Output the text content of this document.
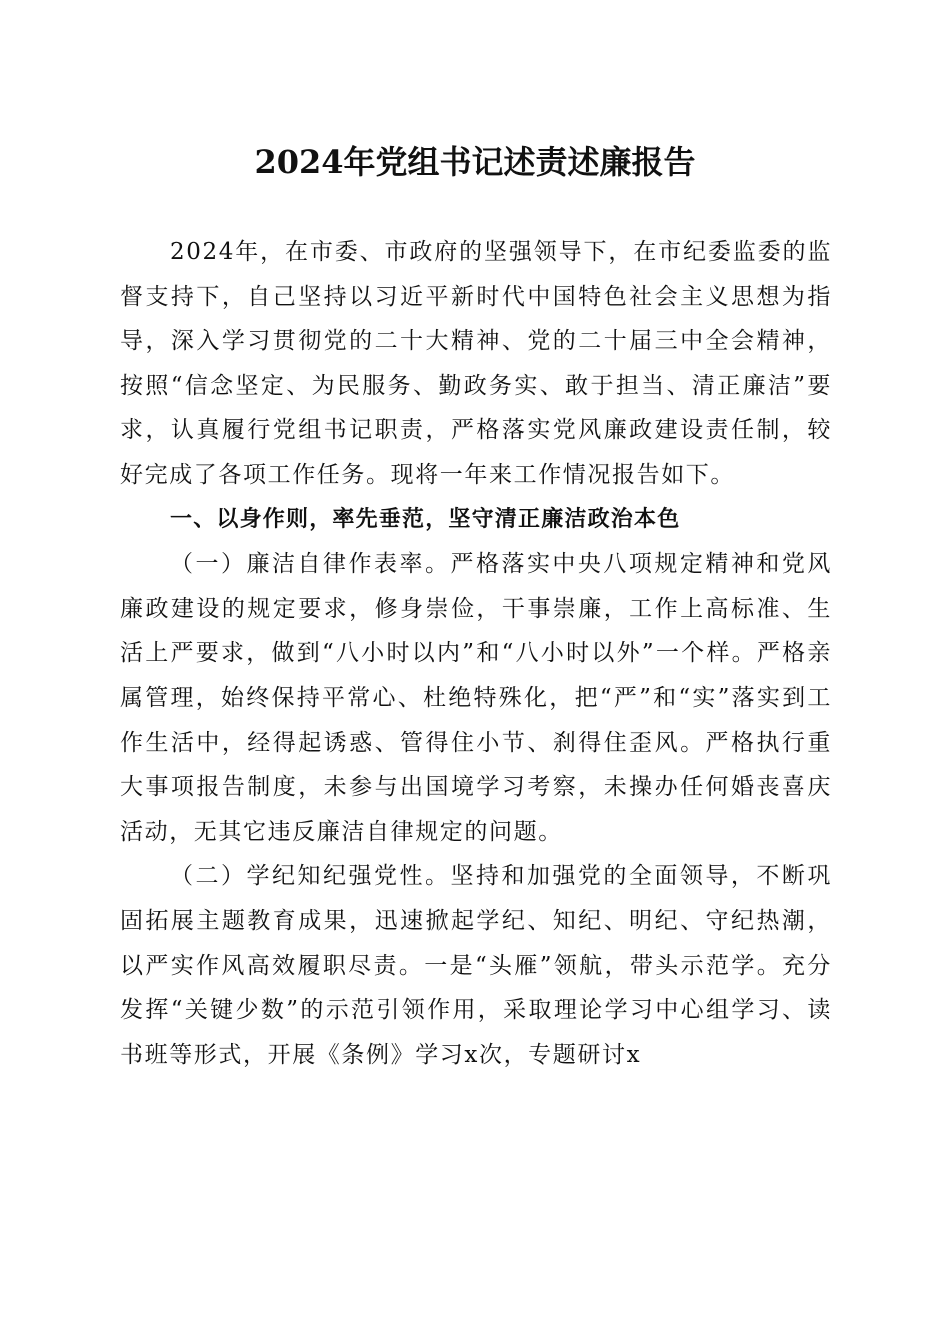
2024年党组书记述责述廉报告

2024年，在市委、市政府的坚强领导下，在市纪委监委的监督支持下，自己坚持以习近平新时代中国特色社会主义思想为指导，深入学习贯彻党的二十大精神、党的二十届三中全会精神，按照“信念坚定、为民服务、勤政务实、敢于担当、清正廉洁”要求，认真履行党组书记职责，严格落实党风廉政建设责任制，较好完成了各项工作任务。现将一年来工作情况报告如下。

一、以身作则，率先垂范，坚守清正廉洁政治本色

（一）廉洁自律作表率。严格落实中央八项规定精神和党风廉政建设的规定要求，修身崇俭，干事崇廉，工作上高标准、生活上严要求，做到“八小时以内”和“八小时以外”一个样。严格亲属管理，始终保持平常心、杜绝特殊化，把“严”和“实”落实到工作生活中，经得起诱惑、管得住小节、刹得住歪风。严格执行重大事项报告制度，未参与出国境学习考察，未操办任何婚丧喜庆活动，无其它违反廉洁自律规定的问题。

（二）学纪知纪强党性。坚持和加强党的全面领导，不断巩固拓展主题教育成果，迅速掀起学纪、知纪、明纪、守纪热潮，以严实作风高效履职尽责。一是“头雁”领航，带头示范学。充分发挥“关键少数”的示范引领作用，采取理论学习中心组学习、读书班等形式，开展《条例》学习x次，专题研讨x
